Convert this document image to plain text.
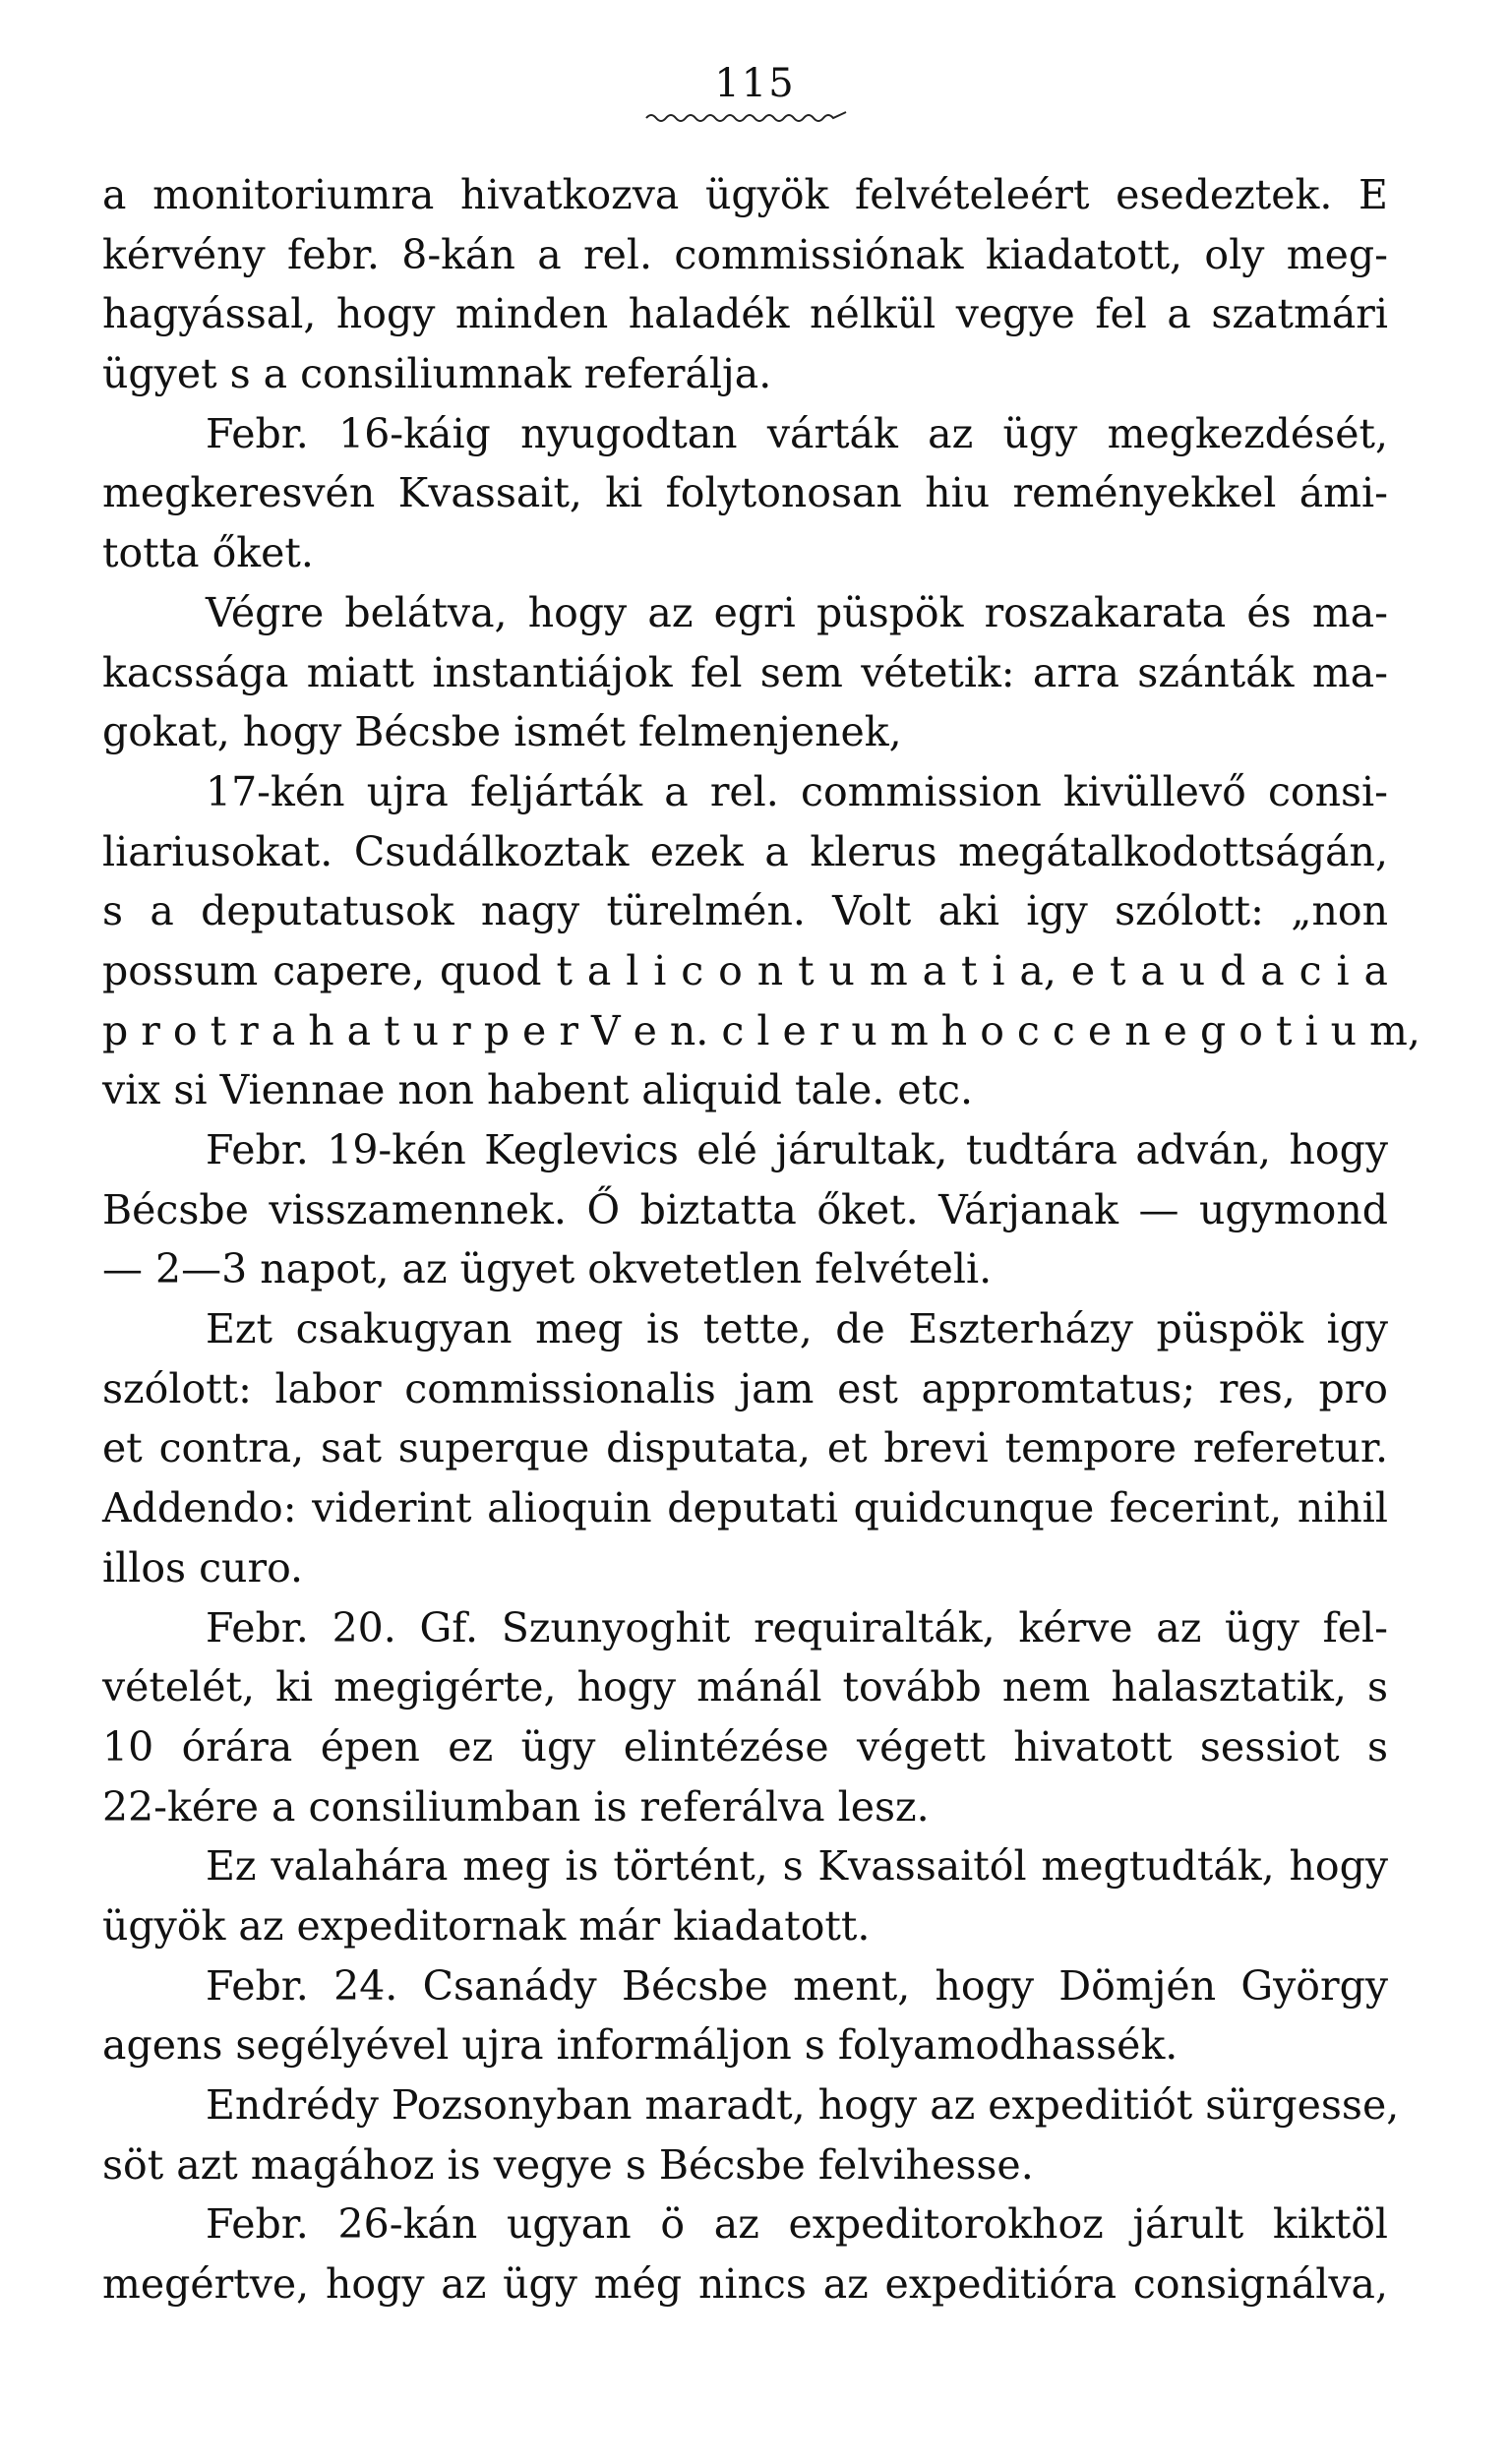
115
a monitoriumra hivatkozva ügyök felvételeért esedeztek. E
kérvény febr. 8-kán a rel. commissiónak kiadatott, oly meg-
hagyással, hogy minden haladék nélkül vegye fel a szatmári
ügyet s a consiliumnak referálja.
Febr. 16-káig nyugodtan várták az ügy megkezdését,
megkeresvén Kvassait, ki folytonosan hiu reményekkel ámi-
totta őket.
Végre belátva, hogy az egri püspök roszakarata és ma-
kacssága miatt instantiájok fel sem vétetik: arra szánták ma-
gokat, hogy Bécsbe ismét felmenjenek,
17-kén ujra feljárták a rel. commission kivüllevő consi-
liariusokat. Csudálkoztak ezek a klerus megátalkodottságán,
s a deputatusok nagy türelmén. Volt aki igy szólott: „non
possum capere, quod t a l i c o n t u m a t i a, e t a u d a c i a
p r o t r a h a t u r p e r V e n. c l e r u m h o c c e n e g o t i u m,
vix si Viennae non habent aliquid tale. etc.
Febr. 19-kén Keglevics elé járultak, tudtára adván, hogy
Bécsbe visszamennek. Ő biztatta őket. Várjanak — ugymond
— 2—3 napot, az ügyet okvetetlen felvételi.
Ezt csakugyan meg is tette, de Eszterházy püspök igy
szólott: labor commissionalis jam est appromtatus; res, pro
et contra, sat superque disputata, et brevi tempore referetur.
Addendo: viderint alioquin deputati quidcunque fecerint, nihil
illos curo.
Febr. 20. Gf. Szunyoghit requiralták, kérve az ügy fel-
vételét, ki megigérte, hogy mánál tovább nem halasztatik, s
10 órára épen ez ügy elintézése végett hivatott sessiot s
22-kére a consiliumban is referálva lesz.
Ez valahára meg is történt, s Kvassaitól megtudták, hogy
ügyök az expeditornak már kiadatott.
Febr. 24. Csanády Bécsbe ment, hogy Dömjén György
agens segélyével ujra informáljon s folyamodhassék.
Endrédy Pozsonyban maradt, hogy az expeditiót sürgesse,
söt azt magához is vegye s Bécsbe felvihesse.
Febr. 26-kán ugyan ö az expeditorokhoz járult kiktöl
megértve, hogy az ügy még nincs az expeditióra consignálva,
